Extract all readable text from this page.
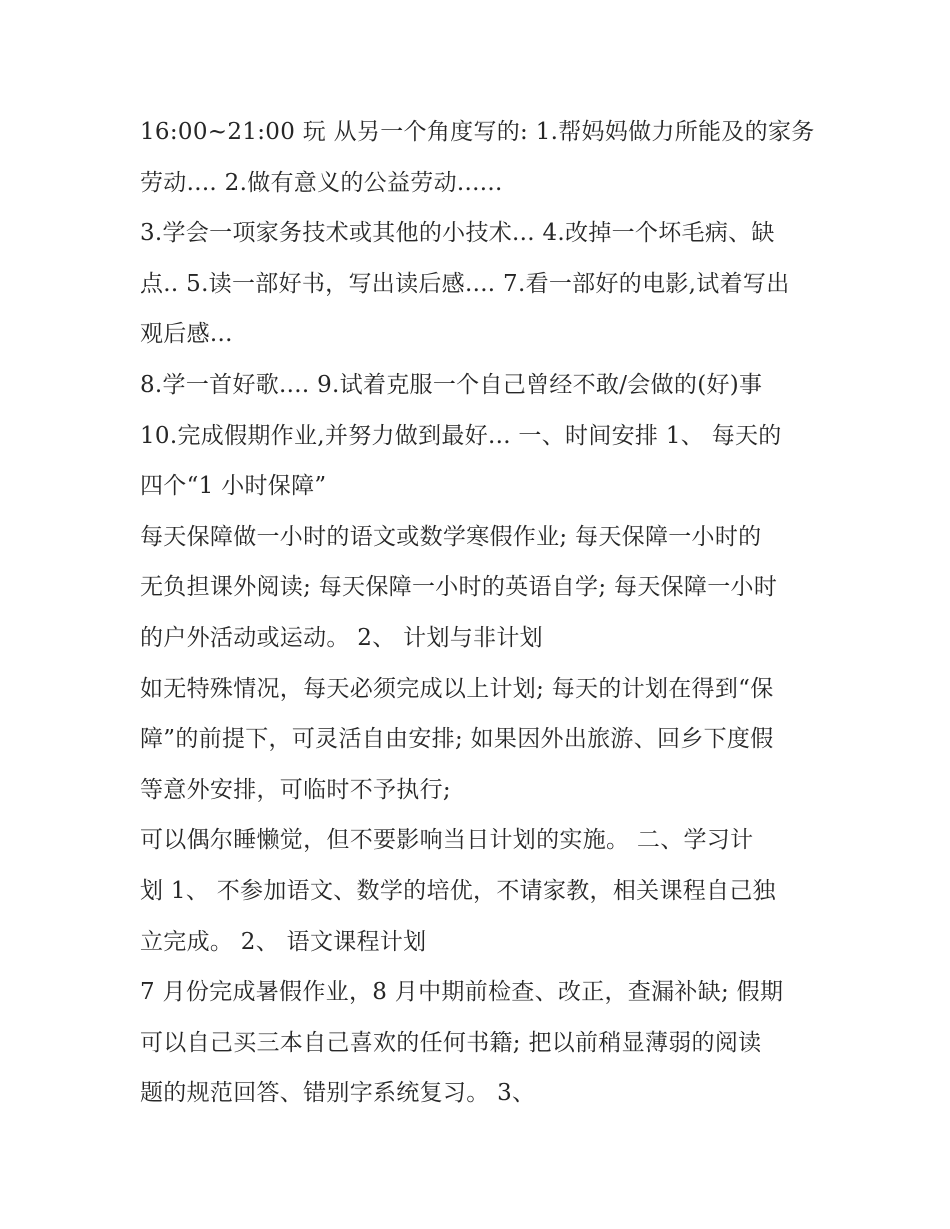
16:00~21:00 玩 从另一个角度写的: 1.帮妈妈做力所能及的家务
劳动.... 2.做有意义的公益劳动......
3.学会一项家务技术或其他的小技术... 4.改掉一个坏毛病、缺
点.. 5.读一部好书，写出读后感.... 7.看一部好的电影,试着写出
观后感...
8.学一首好歌.... 9.试着克服一个自己曾经不敢/会做的(好)事
10.完成假期作业,并努力做到最好... 一、时间安排 1、 每天的
四个“1 小时保障”
每天保障做一小时的语文或数学寒假作业; 每天保障一小时的
无负担课外阅读; 每天保障一小时的英语自学; 每天保障一小时
的户外活动或运动。 2、 计划与非计划
如无特殊情况，每天必须完成以上计划; 每天的计划在得到“保
障”的前提下，可灵活自由安排; 如果因外出旅游、回乡下度假
等意外安排，可临时不予执行;
可以偶尔睡懒觉，但不要影响当日计划的实施。 二、学习计
划 1、 不参加语文、数学的培优，不请家教，相关课程自己独
立完成。 2、 语文课程计划
7 月份完成暑假作业，8 月中期前检查、改正，查漏补缺; 假期
可以自己买三本自己喜欢的任何书籍; 把以前稍显薄弱的阅读
题的规范回答、错别字系统复习。 3、
